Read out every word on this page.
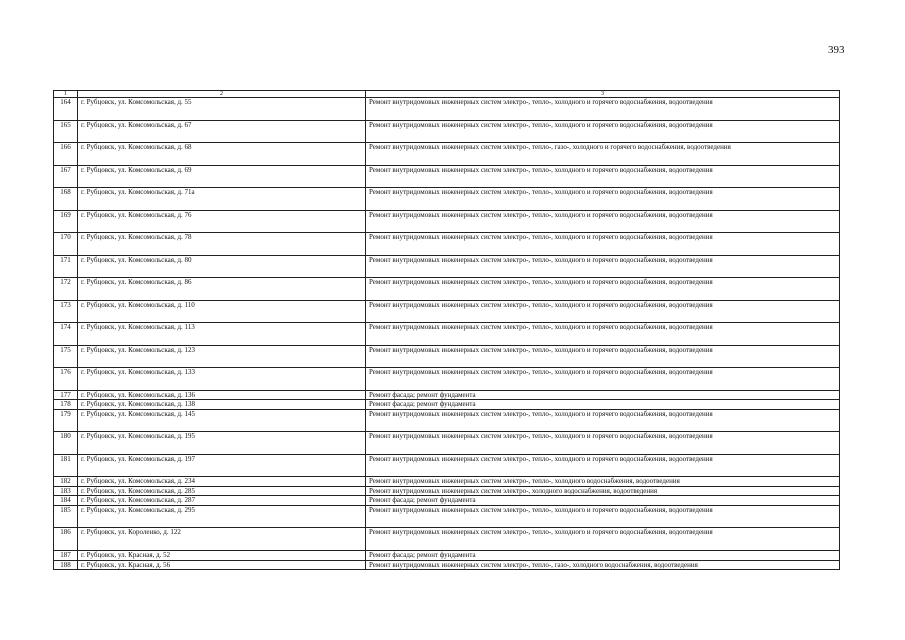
393
1	2	3
164	г. Рубцовск, ул. Комсомольская, д. 55	Ремонт внутридомовых инженерных систем электро-, тепло-, холодного и горячего водоснабжения, водоотведения
165	г. Рубцовск, ул. Комсомольская, д. 67	Ремонт внутридомовых инженерных систем электро-, тепло-, холодного и горячего водоснабжения, водоотведения
166	г. Рубцовск, ул. Комсомольская, д. 68	Ремонт внутридомовых инженерных систем электро-, тепло-, газо-, холодного и горячего водоснабжения, водоотведения
167	г. Рубцовск, ул. Комсомольская, д. 69	Ремонт внутридомовых инженерных систем электро-, тепло-, холодного и горячего водоснабжения, водоотведения
168	г. Рубцовск, ул. Комсомольская, д. 71а	Ремонт внутридомовых инженерных систем электро-, тепло-, холодного и горячего водоснабжения, водоотведения
169	г. Рубцовск, ул. Комсомольская, д. 76	Ремонт внутридомовых инженерных систем электро-, тепло-, холодного и горячего водоснабжения, водоотведения
170	г. Рубцовск, ул. Комсомольская, д. 78	Ремонт внутридомовых инженерных систем электро-, тепло-, холодного и горячего водоснабжения, водоотведения
171	г. Рубцовск, ул. Комсомольская, д. 80	Ремонт внутридомовых инженерных систем электро-, тепло-, холодного и горячего водоснабжения, водоотведения
172	г. Рубцовск, ул. Комсомольская, д. 86	Ремонт внутридомовых инженерных систем электро-, тепло-, холодного и горячего водоснабжения, водоотведения
173	г. Рубцовск, ул. Комсомольская, д. 110	Ремонт внутридомовых инженерных систем электро-, тепло-, холодного и горячего водоснабжения, водоотведения
174	г. Рубцовск, ул. Комсомольская, д. 113	Ремонт внутридомовых инженерных систем электро-, тепло-, холодного и горячего водоснабжения, водоотведения
175	г. Рубцовск, ул. Комсомольская, д. 123	Ремонт внутридомовых инженерных систем электро-, тепло-, холодного и горячего водоснабжения, водоотведения
176	г. Рубцовск, ул. Комсомольская, д. 133	Ремонт внутридомовых инженерных систем электро-, тепло-, холодного и горячего водоснабжения, водоотведения
177	г. Рубцовск, ул. Комсомольская, д. 136	Ремонт фасада; ремонт фундамента
178	г. Рубцовск, ул. Комсомольская, д. 138	Ремонт фасада; ремонт фундамента
179	г. Рубцовск, ул. Комсомольская, д. 145	Ремонт внутридомовых инженерных систем электро-, тепло-, холодного и горячего водоснабжения, водоотведения
180	г. Рубцовск, ул. Комсомольская, д. 195	Ремонт внутридомовых инженерных систем электро-, тепло-, холодного и горячего водоснабжения, водоотведения
181	г. Рубцовск, ул. Комсомольская, д. 197	Ремонт внутридомовых инженерных систем электро-, тепло-, холодного и горячего водоснабжения, водоотведения
182	г. Рубцовск, ул. Комсомольская, д. 234	Ремонт внутридомовых инженерных систем электро-, тепло-, холодного водоснабжения, водоотведения
183	г. Рубцовск, ул. Комсомольская, д. 285	Ремонт внутридомовых инженерных систем электро-, холодного водоснабжения, водоотведения
184	г. Рубцовск, ул. Комсомольская, д. 287	Ремонт фасада; ремонт фундамента
185	г. Рубцовск, ул. Комсомольская, д. 295	Ремонт внутридомовых инженерных систем электро-, тепло-, холодного и горячего водоснабжения, водоотведения
186	г. Рубцовск, ул. Короленко, д. 122	Ремонт внутридомовых инженерных систем электро-, тепло-, холодного и горячего водоснабжения, водоотведения
187	г. Рубцовск, ул. Красная, д. 52	Ремонт фасада; ремонт фундамента
188	г. Рубцовск, ул. Красная, д. 56	Ремонт внутридомовых инженерных систем электро-, тепло-, газо-, холодного водоснабжения, водоотведения
